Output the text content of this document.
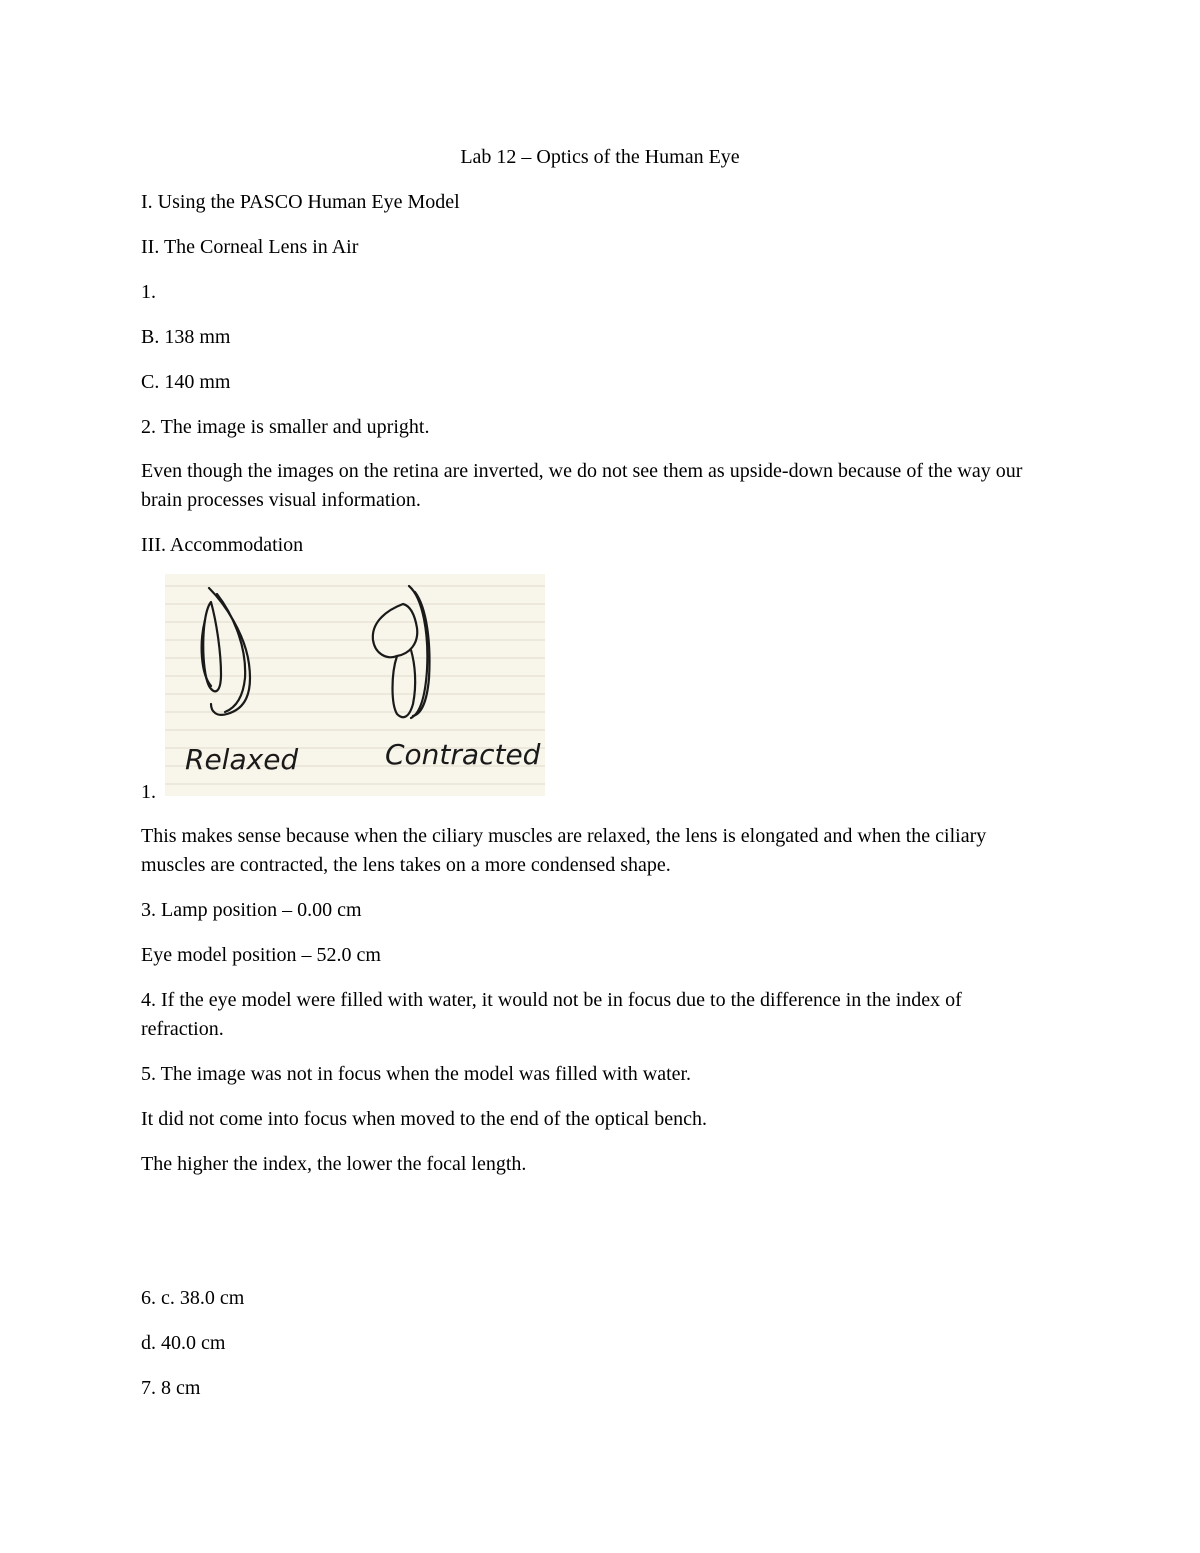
Lab 12 – Optics of the Human Eye
I. Using the PASCO Human Eye Model
II. The Corneal Lens in Air
1.
B. 138 mm
C. 140 mm
2. The image is smaller and upright.
Even though the images on the retina are inverted, we do not see them as upside-down because of the way our brain processes visual information.
III. Accommodation
Relaxed	Contracted
1.
This makes sense because when the ciliary muscles are relaxed, the lens is elongated and when the ciliary muscles are contracted, the lens takes on a more condensed shape.
3. Lamp position – 0.00 cm
Eye model position – 52.0 cm
4. If the eye model were filled with water, it would not be in focus due to the difference in the index of refraction.
5. The image was not in focus when the model was filled with water.
It did not come into focus when moved to the end of the optical bench.
The higher the index, the lower the focal length.
6. c. 38.0 cm
d. 40.0 cm
7. 8 cm
